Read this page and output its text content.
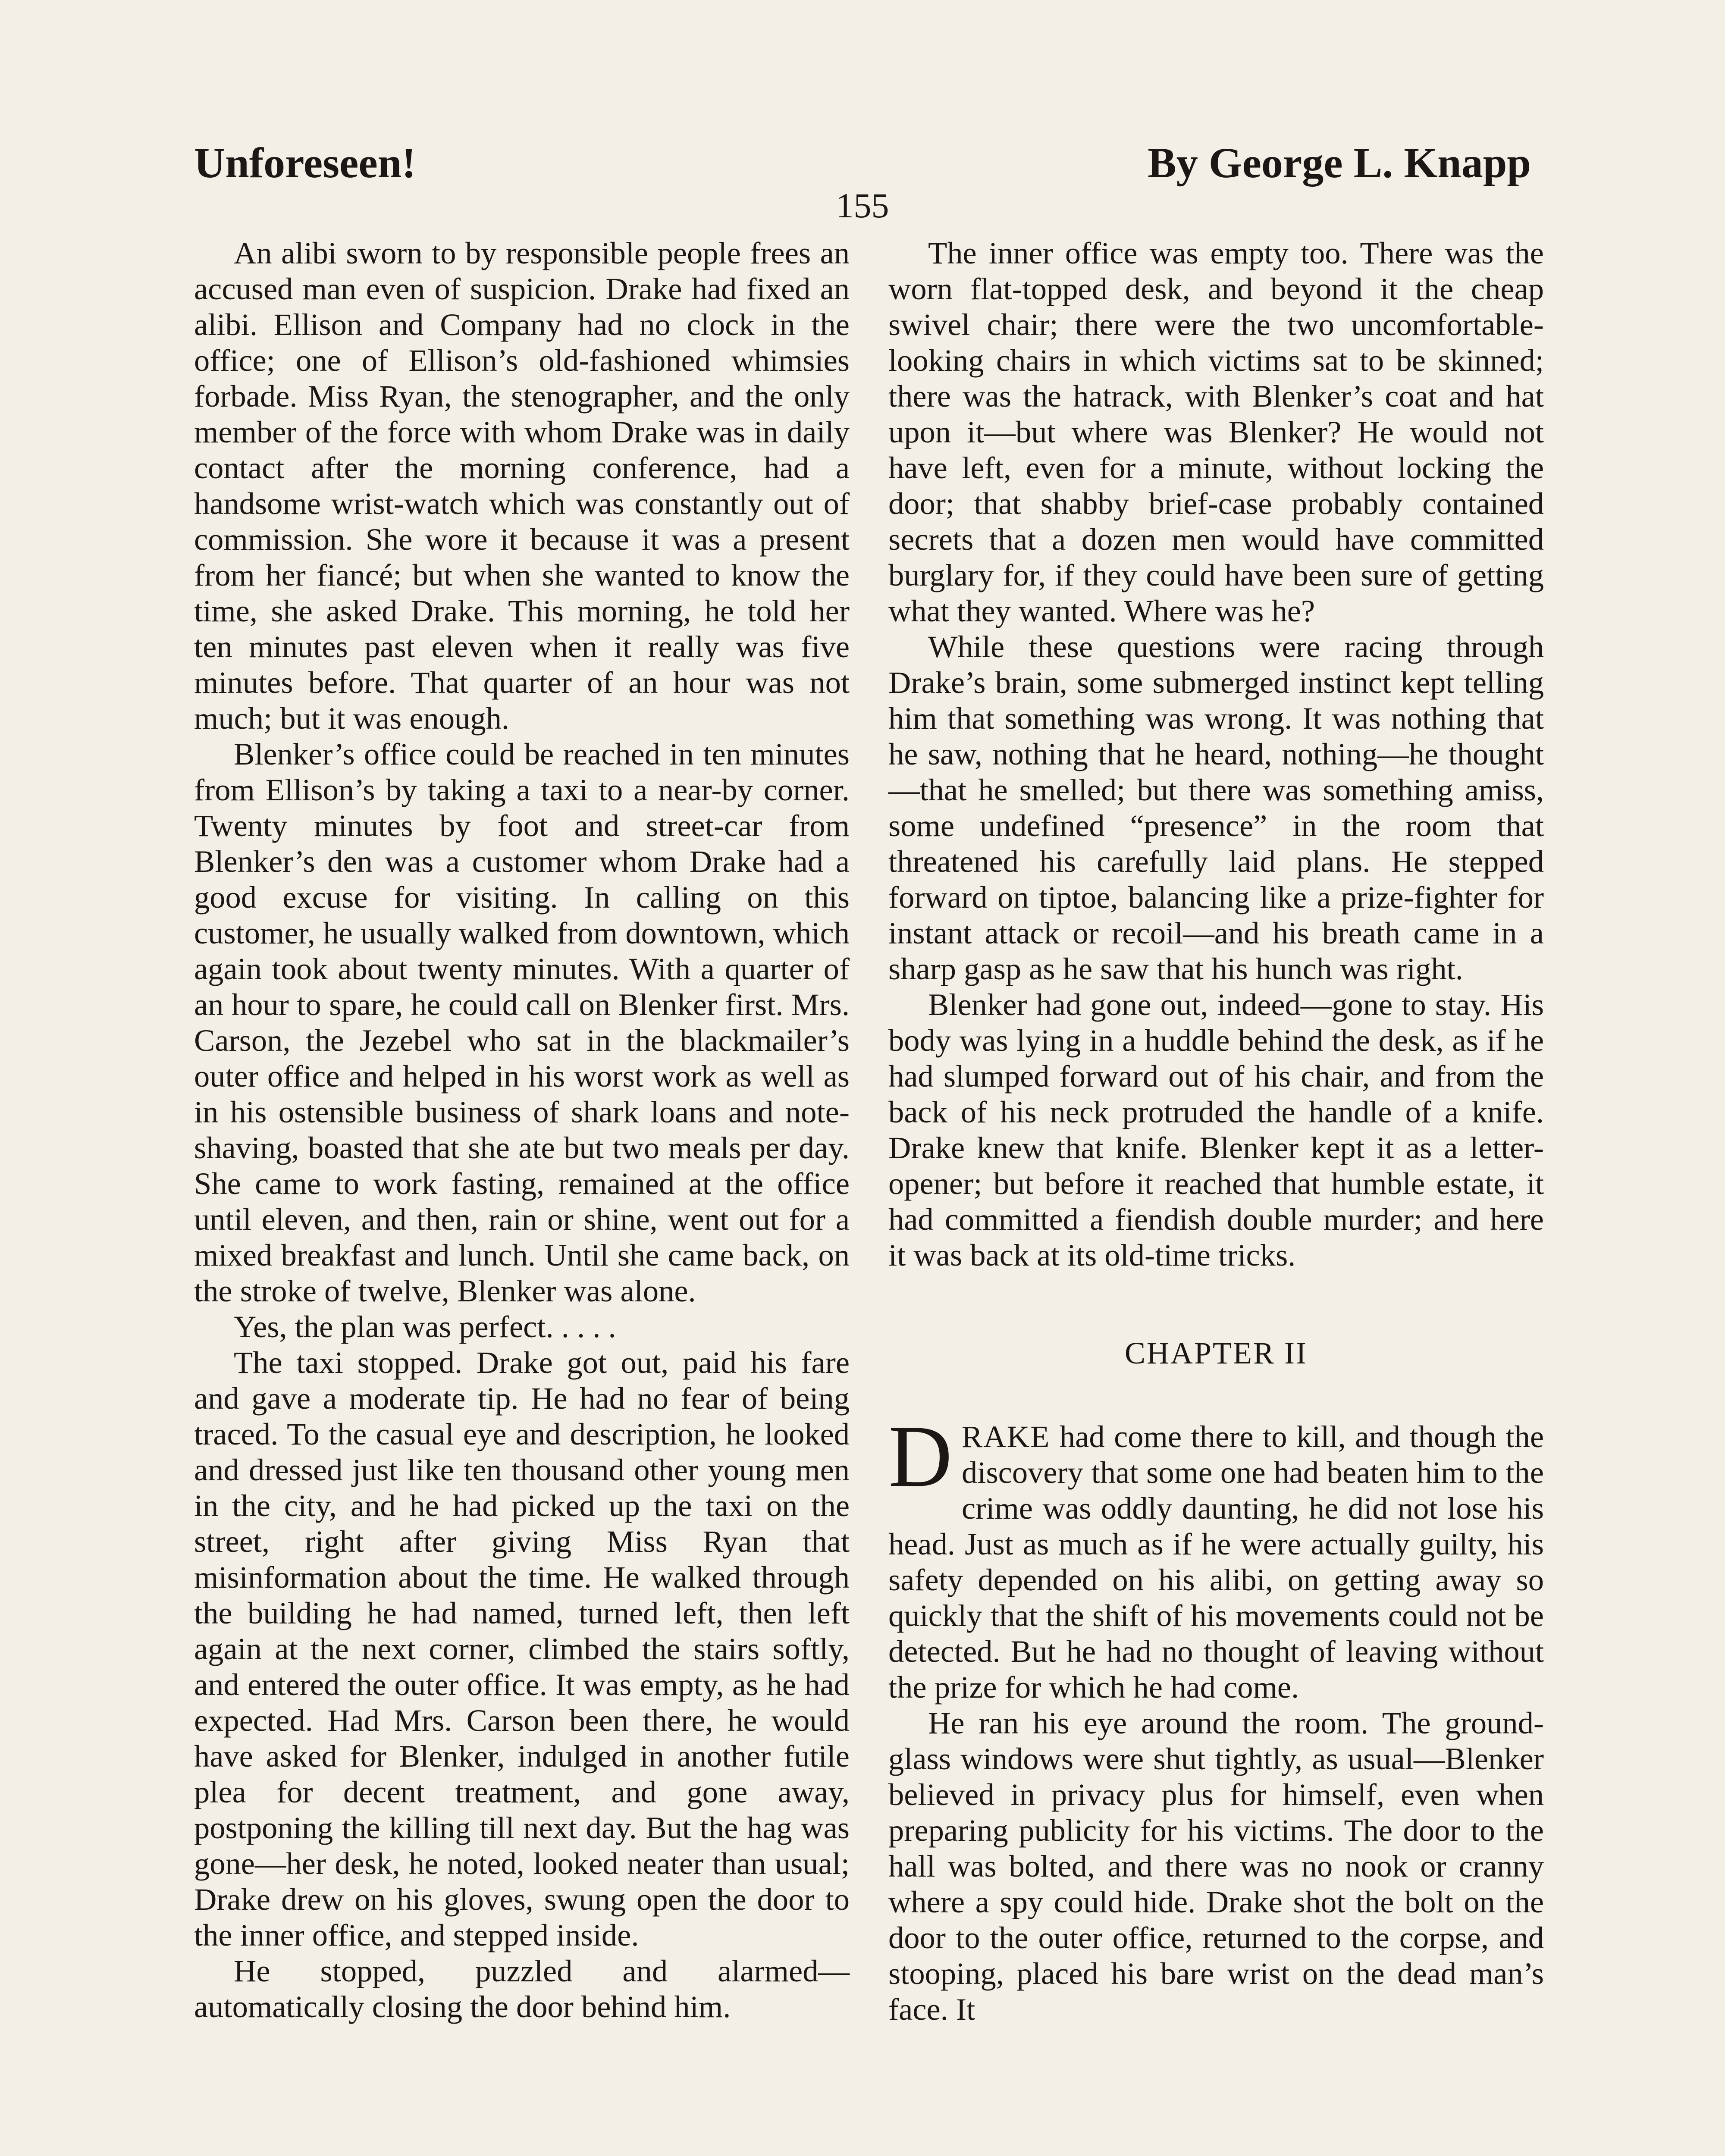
Unforeseen!	By George L. Knapp
155

An alibi sworn to by responsible people frees an accused man even of suspicion. Drake had fixed an alibi. Ellison and Company had no clock in the office; one of Ellison’s old-fashioned whimsies forbade. Miss Ryan, the stenographer, and the only member of the force with whom Drake was in daily contact after the morning conference, had a handsome wrist-watch which was constantly out of commission. She wore it because it was a present from her fiancé; but when she wanted to know the time, she asked Drake. This morning, he told her ten minutes past eleven when it really was five minutes before. That quarter of an hour was not much; but it was enough.

Blenker’s office could be reached in ten minutes from Ellison’s by taking a taxi to a near-by corner. Twenty minutes by foot and street-car from Blenker’s den was a customer whom Drake had a good excuse for visiting. In calling on this customer, he usually walked from downtown, which again took about twenty minutes. With a quarter of an hour to spare, he could call on Blenker first. Mrs. Carson, the Jezebel who sat in the blackmailer’s outer office and helped in his worst work as well as in his ostensible business of shark loans and note-shaving, boasted that she ate but two meals per day. She came to work fasting, remained at the office until eleven, and then, rain or shine, went out for a mixed breakfast and lunch. Until she came back, on the stroke of twelve, Blenker was alone.

Yes, the plan was perfect. . . . .

The taxi stopped. Drake got out, paid his fare and gave a moderate tip. He had no fear of being traced. To the casual eye and description, he looked and dressed just like ten thousand other young men in the city, and he had picked up the taxi on the street, right after giving Miss Ryan that misinformation about the time. He walked through the building he had named, turned left, then left again at the next corner, climbed the stairs softly, and entered the outer office. It was empty, as he had expected. Had Mrs. Carson been there, he would have asked for Blenker, indulged in another futile plea for decent treatment, and gone away, postponing the killing till next day. But the hag was gone—her desk, he noted, looked neater than usual; Drake drew on his gloves, swung open the door to the inner office, and stepped inside.

He stopped, puzzled and alarmed—automatically closing the door behind him.

The inner office was empty too. There was the worn flat-topped desk, and beyond it the cheap swivel chair; there were the two uncomfortable-looking chairs in which victims sat to be skinned; there was the hatrack, with Blenker’s coat and hat upon it—but where was Blenker? He would not have left, even for a minute, without locking the door; that shabby brief-case probably contained secrets that a dozen men would have committed burglary for, if they could have been sure of getting what they wanted. Where was he?

While these questions were racing through Drake’s brain, some submerged instinct kept telling him that something was wrong. It was nothing that he saw, nothing that he heard, nothing—he thought—that he smelled; but there was something amiss, some undefined “presence” in the room that threatened his carefully laid plans. He stepped forward on tiptoe, balancing like a prize-fighter for instant attack or recoil—and his breath came in a sharp gasp as he saw that his hunch was right.

Blenker had gone out, indeed—gone to stay. His body was lying in a huddle behind the desk, as if he had slumped forward out of his chair, and from the back of his neck protruded the handle of a knife. Drake knew that knife. Blenker kept it as a letter-opener; but before it reached that humble estate, it had committed a fiendish double murder; and here it was back at its old-time tricks.

CHAPTER II

DRAKE had come there to kill, and though the discovery that some one had beaten him to the crime was oddly daunting, he did not lose his head. Just as much as if he were actually guilty, his safety depended on his alibi, on getting away so quickly that the shift of his movements could not be detected. But he had no thought of leaving without the prize for which he had come.

He ran his eye around the room. The ground-glass windows were shut tightly, as usual—Blenker believed in privacy plus for himself, even when preparing publicity for his victims. The door to the hall was bolted, and there was no nook or cranny where a spy could hide. Drake shot the bolt on the door to the outer office, returned to the corpse, and stooping, placed his bare wrist on the dead man’s face. It
